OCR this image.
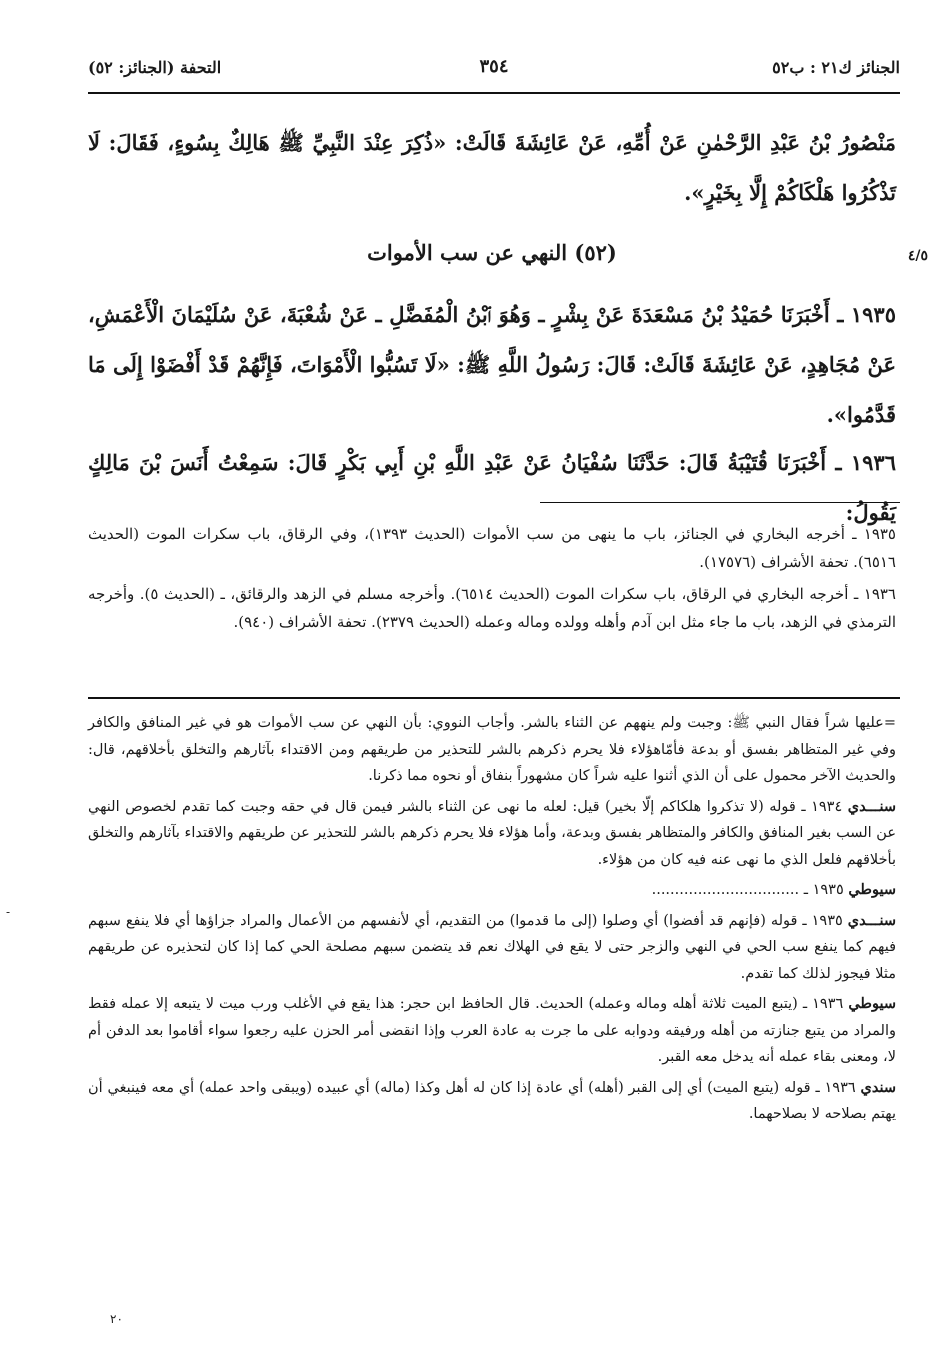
الجنائز ك٢١ : ب٥٢
٣٥٤
التحفة (الجنائز: ٥٢)
مَنْصُورُ بْنُ عَبْدِ الرَّحْمٰنِ عَنْ أُمِّهِ، عَنْ عَائِشَةَ قَالَتْ: «ذُكِرَ عِنْدَ النَّبِيِّ ﷺ هَالِكٌ بِسُوءٍ، فَقَالَ: لَا تَذْكُرُوا هَلْكَاكُمْ إِلَّا بِخَيْرٍ».
(٥٢) النهي عن سب الأموات	٤/٥
١٩٣٥ ـ أَخْبَرَنَا حُمَيْدُ بْنُ مَسْعَدَةَ عَنْ بِشْرٍ ـ وَهُوَ ٱبْنُ الْمُفَضَّلِ ـ عَنْ شُعْبَةَ، عَنْ سُلَيْمَانَ الْأَعْمَشِ، عَنْ مُجَاهِدٍ، عَنْ عَائِشَةَ قَالَتْ: قَالَ: رَسُولُ اللَّهِ ﷺ: «لَا تَسُبُّوا الْأَمْوَاتَ، فَإِنَّهُمْ قَدْ أَفْضَوْا إِلَى مَا قَدَّمُوا».
١٩٣٦ ـ أَخْبَرَنَا قُتَيْبَةُ قَالَ: حَدَّثَنَا سُفْيَانُ عَنْ عَبْدِ اللَّهِ بْنِ أَبِي بَكْرٍ قَالَ: سَمِعْتُ أَنَسَ بْنَ مَالِكٍ يَقُولُ:

١٩٣٥ ـ أخرجه البخاري في الجنائز، باب ما ينهى من سب الأموات (الحديث ١٣٩٣)، وفي الرقاق، باب سكرات الموت (الحديث ٦٥١٦). تحفة الأشراف (١٧٥٧٦).

١٩٣٦ ـ أخرجه البخاري في الرقاق، باب سكرات الموت (الحديث ٦٥١٤). وأخرجه مسلم في الزهد والرقائق، ـ (الحديث ٥). وأخرجه الترمذي في الزهد، باب ما جاء مثل ابن آدم وأهله وولده وماله وعمله (الحديث ٢٣٧٩). تحفة الأشراف (٩٤٠).

=عليها شراً فقال النبي ﷺ: وجبت ولم ينههم عن الثناء بالشر. وأجاب النووي: بأن النهي عن سب الأموات هو في غير المنافق والكافر وفي غير المتظاهر بفسق أو بدعة فأمّاهؤلاء فلا يحرم ذكرهم بالشر للتحذير من طريقهم ومن الاقتداء بآثارهم والتخلق بأخلاقهم، قال: والحديث الآخر محمول على أن الذي أثنوا عليه شراً كان مشهوراً بنفاق أو نحوه مما ذكرنا.

سنـــدي ١٩٣٤ ـ قوله (لا تذكروا هلكاكم إلّا بخير) قيل: لعله ما نهى عن الثناء بالشر فيمن قال في حقه وجبت كما تقدم لخصوص النهي عن السب بغير المنافق والكافر والمتظاهر بفسق وبدعة، وأما هؤلاء فلا يحرم ذكرهم بالشر للتحذير عن طريقهم والاقتداء بآثارهم والتخلق بأخلاقهم فلعل الذي ما نهى عنه فيه كان من هؤلاء.

سيوطي ١٩٣٥ ـ ................................

سنـــدي ١٩٣٥ ـ قوله (فإنهم قد أفضوا) أي وصلوا (إلى ما قدموا) من التقديم، أي لأنفسهم من الأعمال والمراد جزاؤها أي فلا ينفع سبهم فيهم كما ينفع سب الحي في النهي والزجر حتى لا يقع في الهلاك نعم قد يتضمن سبهم مصلحة الحي كما إذا كان لتحذيره عن طريقهم مثلا فيجوز لذلك كما تقدم.

سيوطي ١٩٣٦ ـ (يتبع الميت ثلاثة أهله وماله وعمله) الحديث. قال الحافظ ابن حجر: هذا يقع في الأغلب ورب ميت لا يتبعه إلا عمله فقط والمراد من يتبع جنازته من أهله ورفيقه ودوابه على ما جرت به عادة العرب وإذا انقضى أمر الحزن عليه رجعوا سواء أقاموا بعد الدفن أم لا، ومعنى بقاء عمله أنه يدخل معه القبر.

سندي ١٩٣٦ ـ قوله (يتبع الميت) أي إلى القبر (أهله) أي عادة إذا كان له أهل وكذا (ماله) أي عبيده (ويبقى واحد عمله) أي معه فينبغي أن يهتم بصلاحه لا بصلاحهما.

٢٠
-
